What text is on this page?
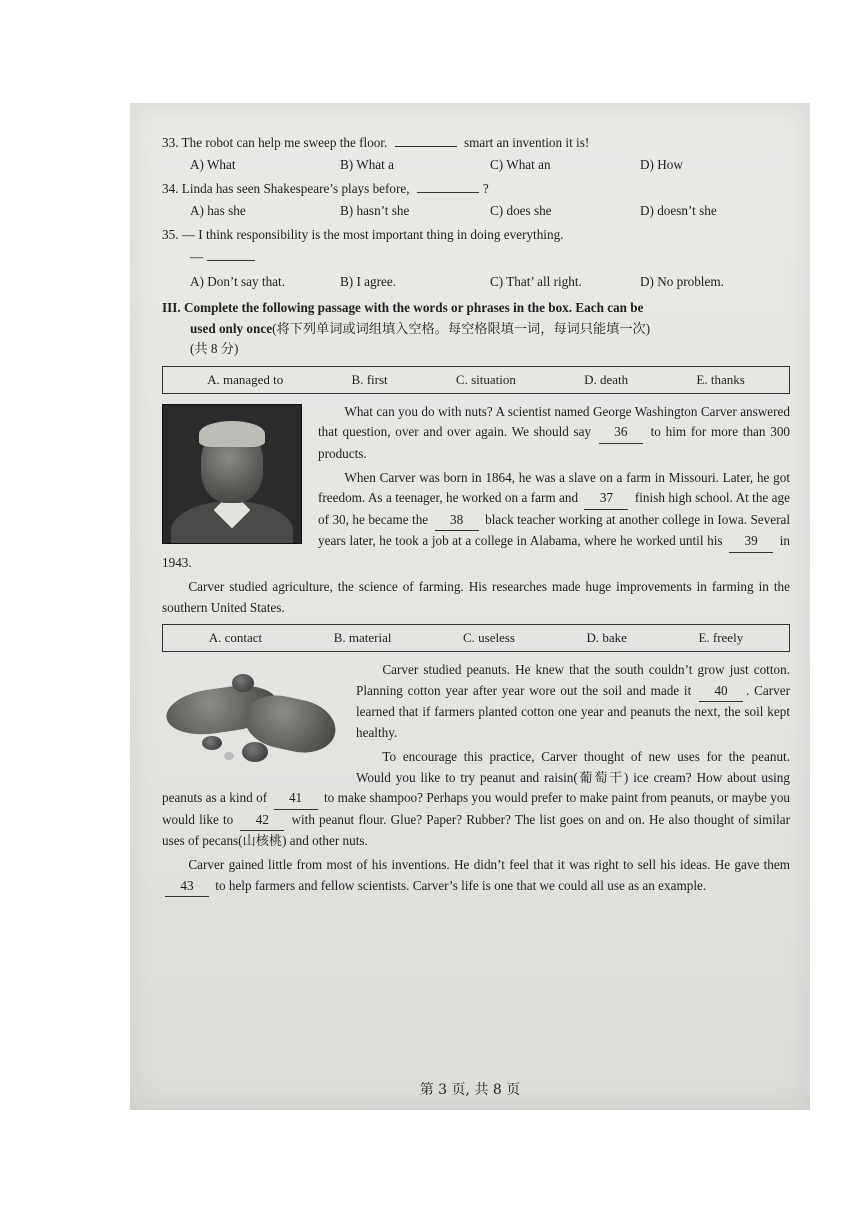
33. The robot can help me sweep the floor.	smart an invention it is!
A) What	B) What a	C) What an	D) How
34. Linda has seen Shakespeare’s plays before,	?
A) has she	B) hasn’t she	C) does she	D) doesn’t she
35. — I think responsibility is the most important thing in doing everything.
—
A) Don’t say that.	B) I agree.	C) That’ all right.	D) No problem.
III. Complete the following passage with the words or phrases in the box. Each can be
used only once(将下列单词或词组填入空格。每空格限填一词，每词只能填一次)
(共 8 分)
A. managed to	B. first	C. situation	D. death	E. thanks

What can you do with nuts? A scientist named George Washington Carver answered that question, over and over again. We should say 36 to him for more than 300 products.

When Carver was born in 1864, he was a slave on a farm in Missouri. Later, he got freedom. As a teenager, he worked on a farm and 37 finish high school. At the age of 30, he became the 38 black teacher working at another college in Iowa. Several years later, he took a job at a college in Alabama, where he worked until his 39 in 1943.

Carver studied agriculture, the science of farming. His researches made huge improvements in farming in the southern United States.

A. contact	B. material	C. useless	D. bake	E. freely

Carver studied peanuts. He knew that the south couldn’t grow just cotton. Planning cotton year after year wore out the soil and made it 40 . Carver learned that if farmers planted cotton one year and peanuts the next, the soil kept healthy.

To encourage this practice, Carver thought of new uses for the peanut. Would you like to try peanut and raisin(葡萄干) ice cream? How about using peanuts as a kind of 41 to make shampoo? Perhaps you would prefer to make paint from peanuts, or maybe you would like to 42 with peanut flour. Glue? Paper? Rubber? The list goes on and on. He also thought of similar uses of pecans(山核桃) and other nuts.

Carver gained little from most of his inventions. He didn’t feel that it was right to sell his ideas. He gave them 43 to help farmers and fellow scientists. Carver’s life is one that we could all use as an example.

第 3 页, 共 8 页
